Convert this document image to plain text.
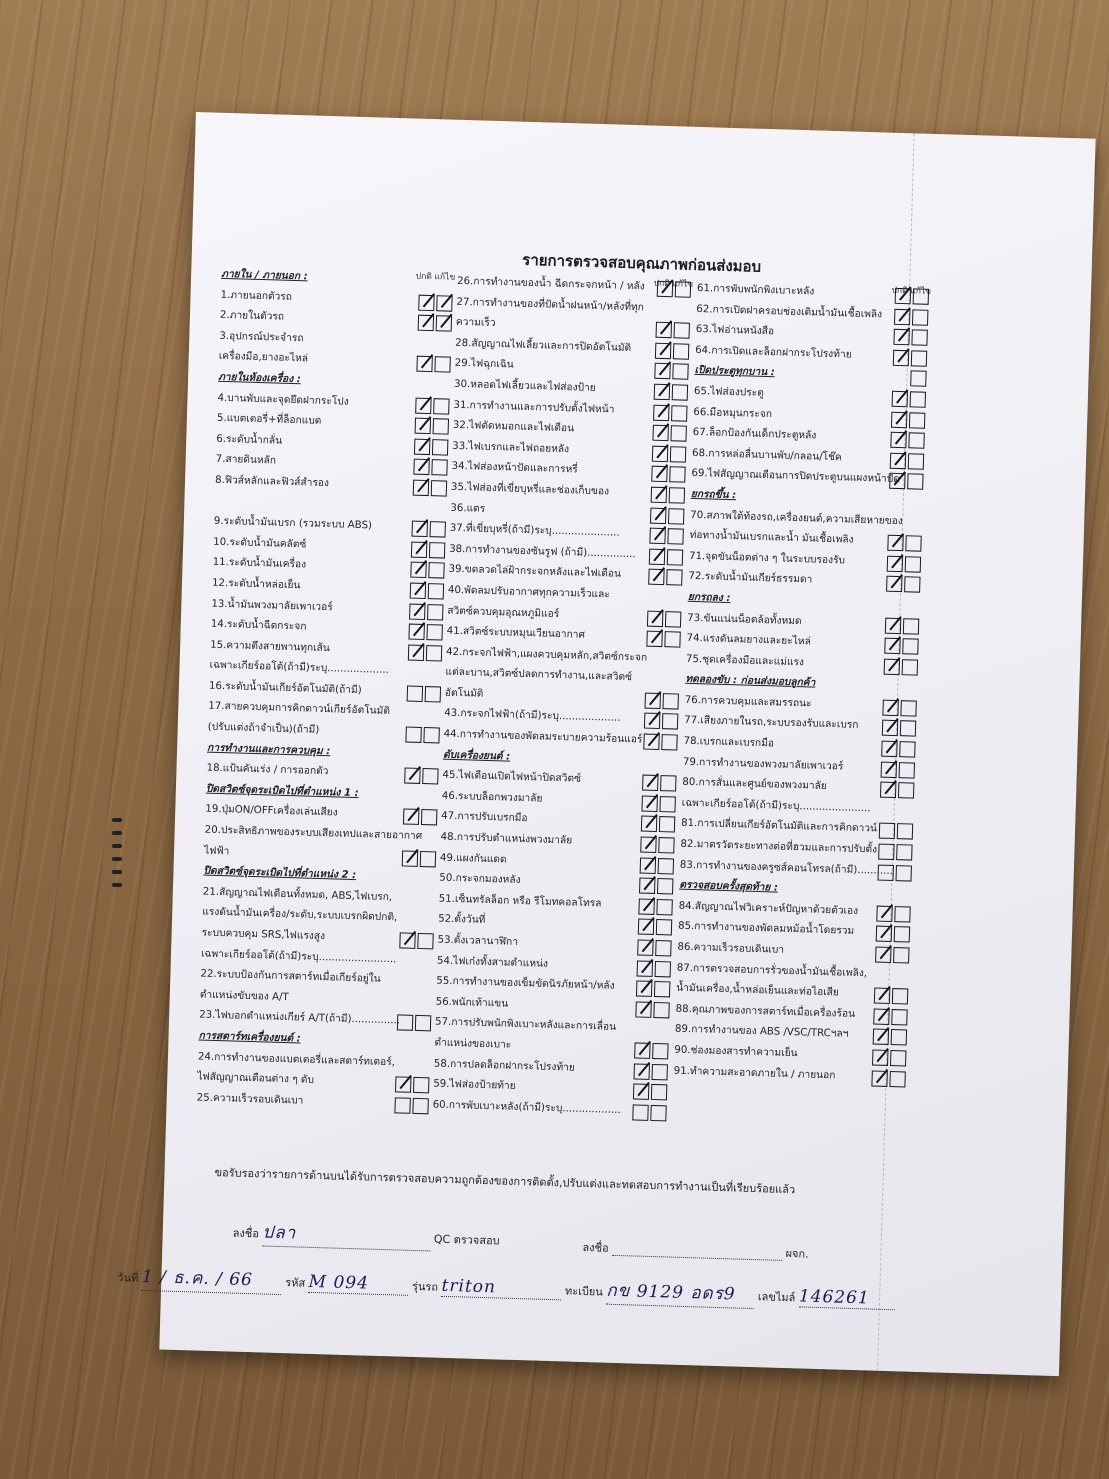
รายการตรวจสอบคุณภาพก่อนส่งมอบ
ปกติ แก้ไข
ภายใน / ภายนอก :
1.ภายนอกตัวรถ
2.ภายในตัวรถ
3.อุปกรณ์ประจำรถ
เครื่องมือ,ยางอะไหล่
ภายในห้องเครื่อง :
4.บานพับและจุดยึดฝากระโปง
5.แบตเตอรี่+ที่ล็อกแบต
6.ระดับน้ำกลั่น
7.สายดินหลัก
8.ฟิวส์หลักและฟิวส์สำรอง
9.ระดับน้ำมันเบรก (รวมระบบ ABS)
10.ระดับน้ำมันคลัตซ์
11.ระดับน้ำมันเครื่อง
12.ระดับน้ำหล่อเย็น
13.น้ำมันพวงมาลัยเพาเวอร์
14.ระดับน้ำฉีดกระจก
15.ความตึงสายพานทุกเส้น
เฉพาะเกียร์ออโต้(ถ้ามี)ระบุ...................
16.ระดับน้ำมันเกียร์อัตโนมัติ(ถ้ามี)
17.สายควบคุมการคิกดาวน์เกียร์อัตโนมัติ
(ปรับแต่งถ้าจำเป็น)(ถ้ามี)
การทำงานและการควบคุม :
18.แป้นคันเร่ง / การออกตัว
ปิดสวิตซ์จุดระเบิดไปที่ตำแหน่ง 1 :
19.ปุ่มON/OFFเครื่องเล่นเสียง
20.ประสิทธิภาพของระบบเสียงเทปและสายอากาศ
ไฟฟ้า
ปิดสวิตซ์จุดระเบิดไปที่ตำแหน่ง 2 :
21.สัญญาณไฟเตือนทั้งหมด, ABS,ไฟเบรก,
แรงดันน้ำมันเครื่อง/ระดับ,ระบบเบรกผิดปกติ,
ระบบควบคุม SRS,ไฟแรงสูง
เฉพาะเกียร์ออโต้(ถ้ามี)ระบุ........................
22.ระบบป้องกันการสตาร์ทเมื่อเกียร์อยู่ใน
ตำแหน่งขับของ A/T
23.ไฟบอกตำแหน่งเกียร์ A/T(ถ้ามี)...............
การสตาร์ทเครื่องยนต์ :
24.การทำงานของแบตเตอรี่และสตาร์ทเตอร์,
ไฟสัญญาณเตือนต่าง ๆ ดับ
25.ความเร็วรอบเดินเบา
ปกติ แก้ไข
26.การทำงานของน้ำ ฉีดกระจกหน้า / หลัง
27.การทำงานของที่ปัดน้ำฝนหน้า/หลังที่ทุก
ความเร็ว
28.สัญญาณไฟเลี้ยวและการปิดอัตโนมัติ
29.ไฟฉุกเฉิน
30.หลอดไฟเลี้ยวและไฟส่องป้าย
31.การทำงานและการปรับตั้งไฟหน้า
32.ไฟตัดหมอกและไฟเตือน
33.ไฟเบรกและไฟถอยหลัง
34.ไฟส่องหน้าปัดและการหรี่
35.ไฟส่องที่เขี่ยบุหรี่และช่องเก็บของ
36.แตร
37.ที่เขี่ยบุหรี่(ถ้ามี)ระบุ.....................
38.การทำงานของซันรูฟ (ถ้ามี)...............
39.ขดลวดไล่ฝ้ากระจกหลังและไฟเตือน
40.พัดลมปรับอากาศทุกความเร็วและ
สวิตซ์ควบคุมอุณหภูมิแอร์
41.สวิตซ์ระบบหมุนเวียนอากาศ
42.กระจกไฟฟ้า,แผงควบคุมหลัก,สวิตซ์กระจก
แต่ละบาน,สวิตซ์ปลดการทำงาน,และสวิตซ์
อัตโนมัติ
43.กระจกไฟฟ้า(ถ้ามี)ระบุ...................
44.การทำงานของพัดลมระบายความร้อนแอร์
ดับเครื่องยนต์ :
45.ไฟเตือนเปิดไฟหน้าปิดสวิตซ์
46.ระบบล็อกพวงมาลัย
47.การปรับเบรกมือ
48.การปรับตำแหน่งพวงมาลัย
49.แผงกันแดด
50.กระจกมองหลัง
51.เซ็นทรัลล็อก หรือ รีโมทคอลโทรล
52.ตั้งวันที่
53.ตั้งเวลานาฬิกา
54.ไฟเก๋งทั้งสามตำแหน่ง
55.การทำงานของเข็มขัดนิรภัยหน้า/หลัง
56.พนักเท้าแขน
57.การปรับพนักพิงเบาะหลังและการเลื่อน
ตำแหน่งของเบาะ
58.การปลดล็อกฝากระโปรงท้าย
59.ไฟส่องป้ายท้าย
60.การพับเบาะหลัง(ถ้ามี)ระบุ..................
ปกติ แก้ไข
61.การพับพนักพิงเบาะหลัง
62.การเปิดฝาครอบช่องเติมน้ำมันเชื้อเพลิง
63.ไฟอ่านหนังสือ
64.การเปิดและล็อกฝากระโปรงท้าย
เปิดประตูทุกบาน :
65.ไฟส่องประตู
66.มือหมุนกระจก
67.ล็อกป้องกันเด็กประตูหลัง
68.การหล่อลื่นบานพับ/กลอน/โช๊ค
69.ไฟสัญญาณเตือนการปิดประตูบนแผงหน้าปัด
ยกรถขึ้น :
70.สภาพใต้ท้องรถ,เครื่องยนต์,ความเสียหายของ
ท่อทางน้ำมันเบรกและน้ำ มันเชื้อเพลิง
71.จุดขันน็อตต่าง ๆ ในระบบรองรับ
72.ระดับน้ำมันเกียร์ธรรมดา
ยกรถลง :
73.ขันแน่นน็อตล้อทั้งหมด
74.แรงดันลมยางและยะไหล่
75.ชุดเครื่องมือและแม่แรง
ทดลองขับ : ก่อนส่งมอบลูกค้า
76.การควบคุมและสมรรถนะ
77.เสียงภายในรถ,ระบบรองรับและเบรก
78.เบรกและเบรกมือ
79.การทำงานของพวงมาลัยเพาเวอร์
80.การสั่นและศูนย์ของพวงมาลัย
เฉพาะเกียร์ออโต้(ถ้ามี)ระบุ......................
81.การเปลี่ยนเกียร์อัตโนมัติและการคิกดาวน์
82.มาตรวัดระยะทางต่อที่ฮวมและการปรับตั้ง
83.การทำงานของครูซส์คอนโทรล(ถ้ามี)...........
ตรวจสอบครั้งสุดท้าย :
84.สัญญาณไฟวิเคราะห์ปัญหาด้วยตัวเอง
85.การทำงานของพัดลมหม้อน้ำโดยรวม
86.ความเร็วรอบเดินเบา
87.การตรวจสอบการรั่วของน้ำมันเชื้อเพลิง,
น้ำมันเครื่อง,น้ำหล่อเย็นและท่อไอเสีย
88.คุณภาพของการสตาร์ทเมื่อเครื่องร้อน
89.การทำงานของ ABS /VSC/TRCฯลฯ
90.ช่องมองสารทำความเย็น
91.ทำความสะอาดภายใน / ภายนอก
ขอรับรองว่ารายการด้านบนได้รับการตรวจสอบความถูกต้องของการติดตั้ง,ปรับแต่งและทดสอบการทำงานเป็นที่เรียบร้อยแล้ว
ลงชื่อ ปลา	QC ตรวจสอบ
ลงชื่อ	ผจก.
วันที่ 1 / ธ.ค. / 66	รหัส M 094	รุ่นรถ triton	ทะเบียน กข 9129 อดร9 เลขไมล์ 146261
